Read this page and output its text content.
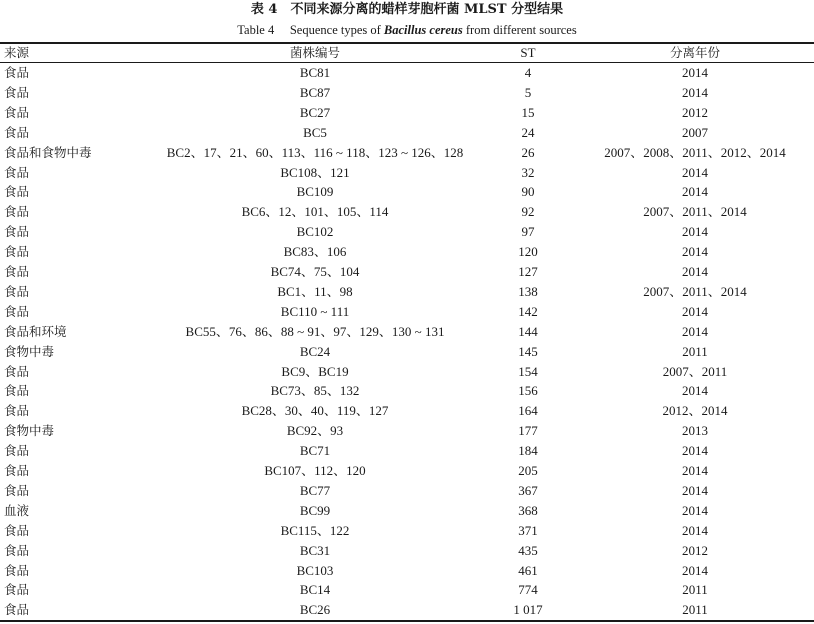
表 4　不同来源分离的蜡样芽胞杆菌 MLST 分型结果
Table 4　 Sequence types of Bacillus cereus from different sources
来源	菌株编号	ST	分离年份
食品	BC81	4	2014
食品	BC87	5	2014
食品	BC27	15	2012
食品	BC5	24	2007
食品和食物中毒	BC2、17、21、60、113、116 ~ 118、123 ~ 126、128	26	2007、2008、2011、2012、2014
食品	BC108、121	32	2014
食品	BC109	90	2014
食品	BC6、12、101、105、114	92	2007、2011、2014
食品	BC102	97	2014
食品	BC83、106	120	2014
食品	BC74、75、104	127	2014
食品	BC1、11、98	138	2007、2011、2014
食品	BC110 ~ 111	142	2014
食品和环境	BC55、76、86、88 ~ 91、97、129、130 ~ 131	144	2014
食物中毒	BC24	145	2011
食品	BC9、BC19	154	2007、2011
食品	BC73、85、132	156	2014
食品	BC28、30、40、119、127	164	2012、2014
食物中毒	BC92、93	177	2013
食品	BC71	184	2014
食品	BC107、112、120	205	2014
食品	BC77	367	2014
血液	BC99	368	2014
食品	BC115、122	371	2014
食品	BC31	435	2012
食品	BC103	461	2014
食品	BC14	774	2011
食品	BC26	1 017	2011
